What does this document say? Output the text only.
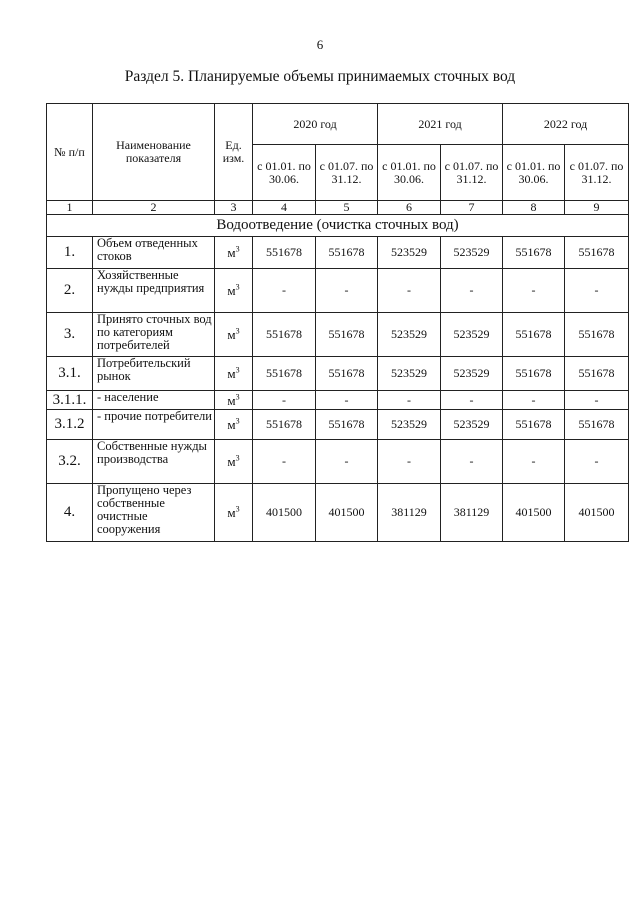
6
Раздел 5. Планируемые объемы принимаемых сточных вод
№ п/п	Наименование показателя	Ед. изм.	2020 год		2021 год		2022 год	
			с 01.01. по 30.06.	с 01.07. по 31.12.	с 01.01. по 30.06.	с 01.07. по 31.12.	с 01.01. по 30.06.	с 01.07. по 31.12.
1	2	3	4	5	6	7	8	9
Водоотведение (очистка сточных вод)								
1.	Объем отведенных стоков	$м^3$	551678	551678	523529	523529	551678	551678
2.	Хозяйственные нужды предприятия	$м^3$	-	-	-	-	-	-
3.	Принято сточных вод по категориям потребителей	$м^3$	551678	551678	523529	523529	551678	551678
3.1.	Потребительский рынок	$м^3$	551678	551678	523529	523529	551678	551678
3.1.1.	- население	$м^3$	-	-	-	-	-	-
3.1.2	- прочие потребители	$м^3$	551678	551678	523529	523529	551678	551678
3.2.	Собственные нужды производства	$м^3$	-	-	-	-	-	-
4.	Пропущено через собственные очистные сооружения	$м^3$	401500	401500	381129	381129	401500	401500
